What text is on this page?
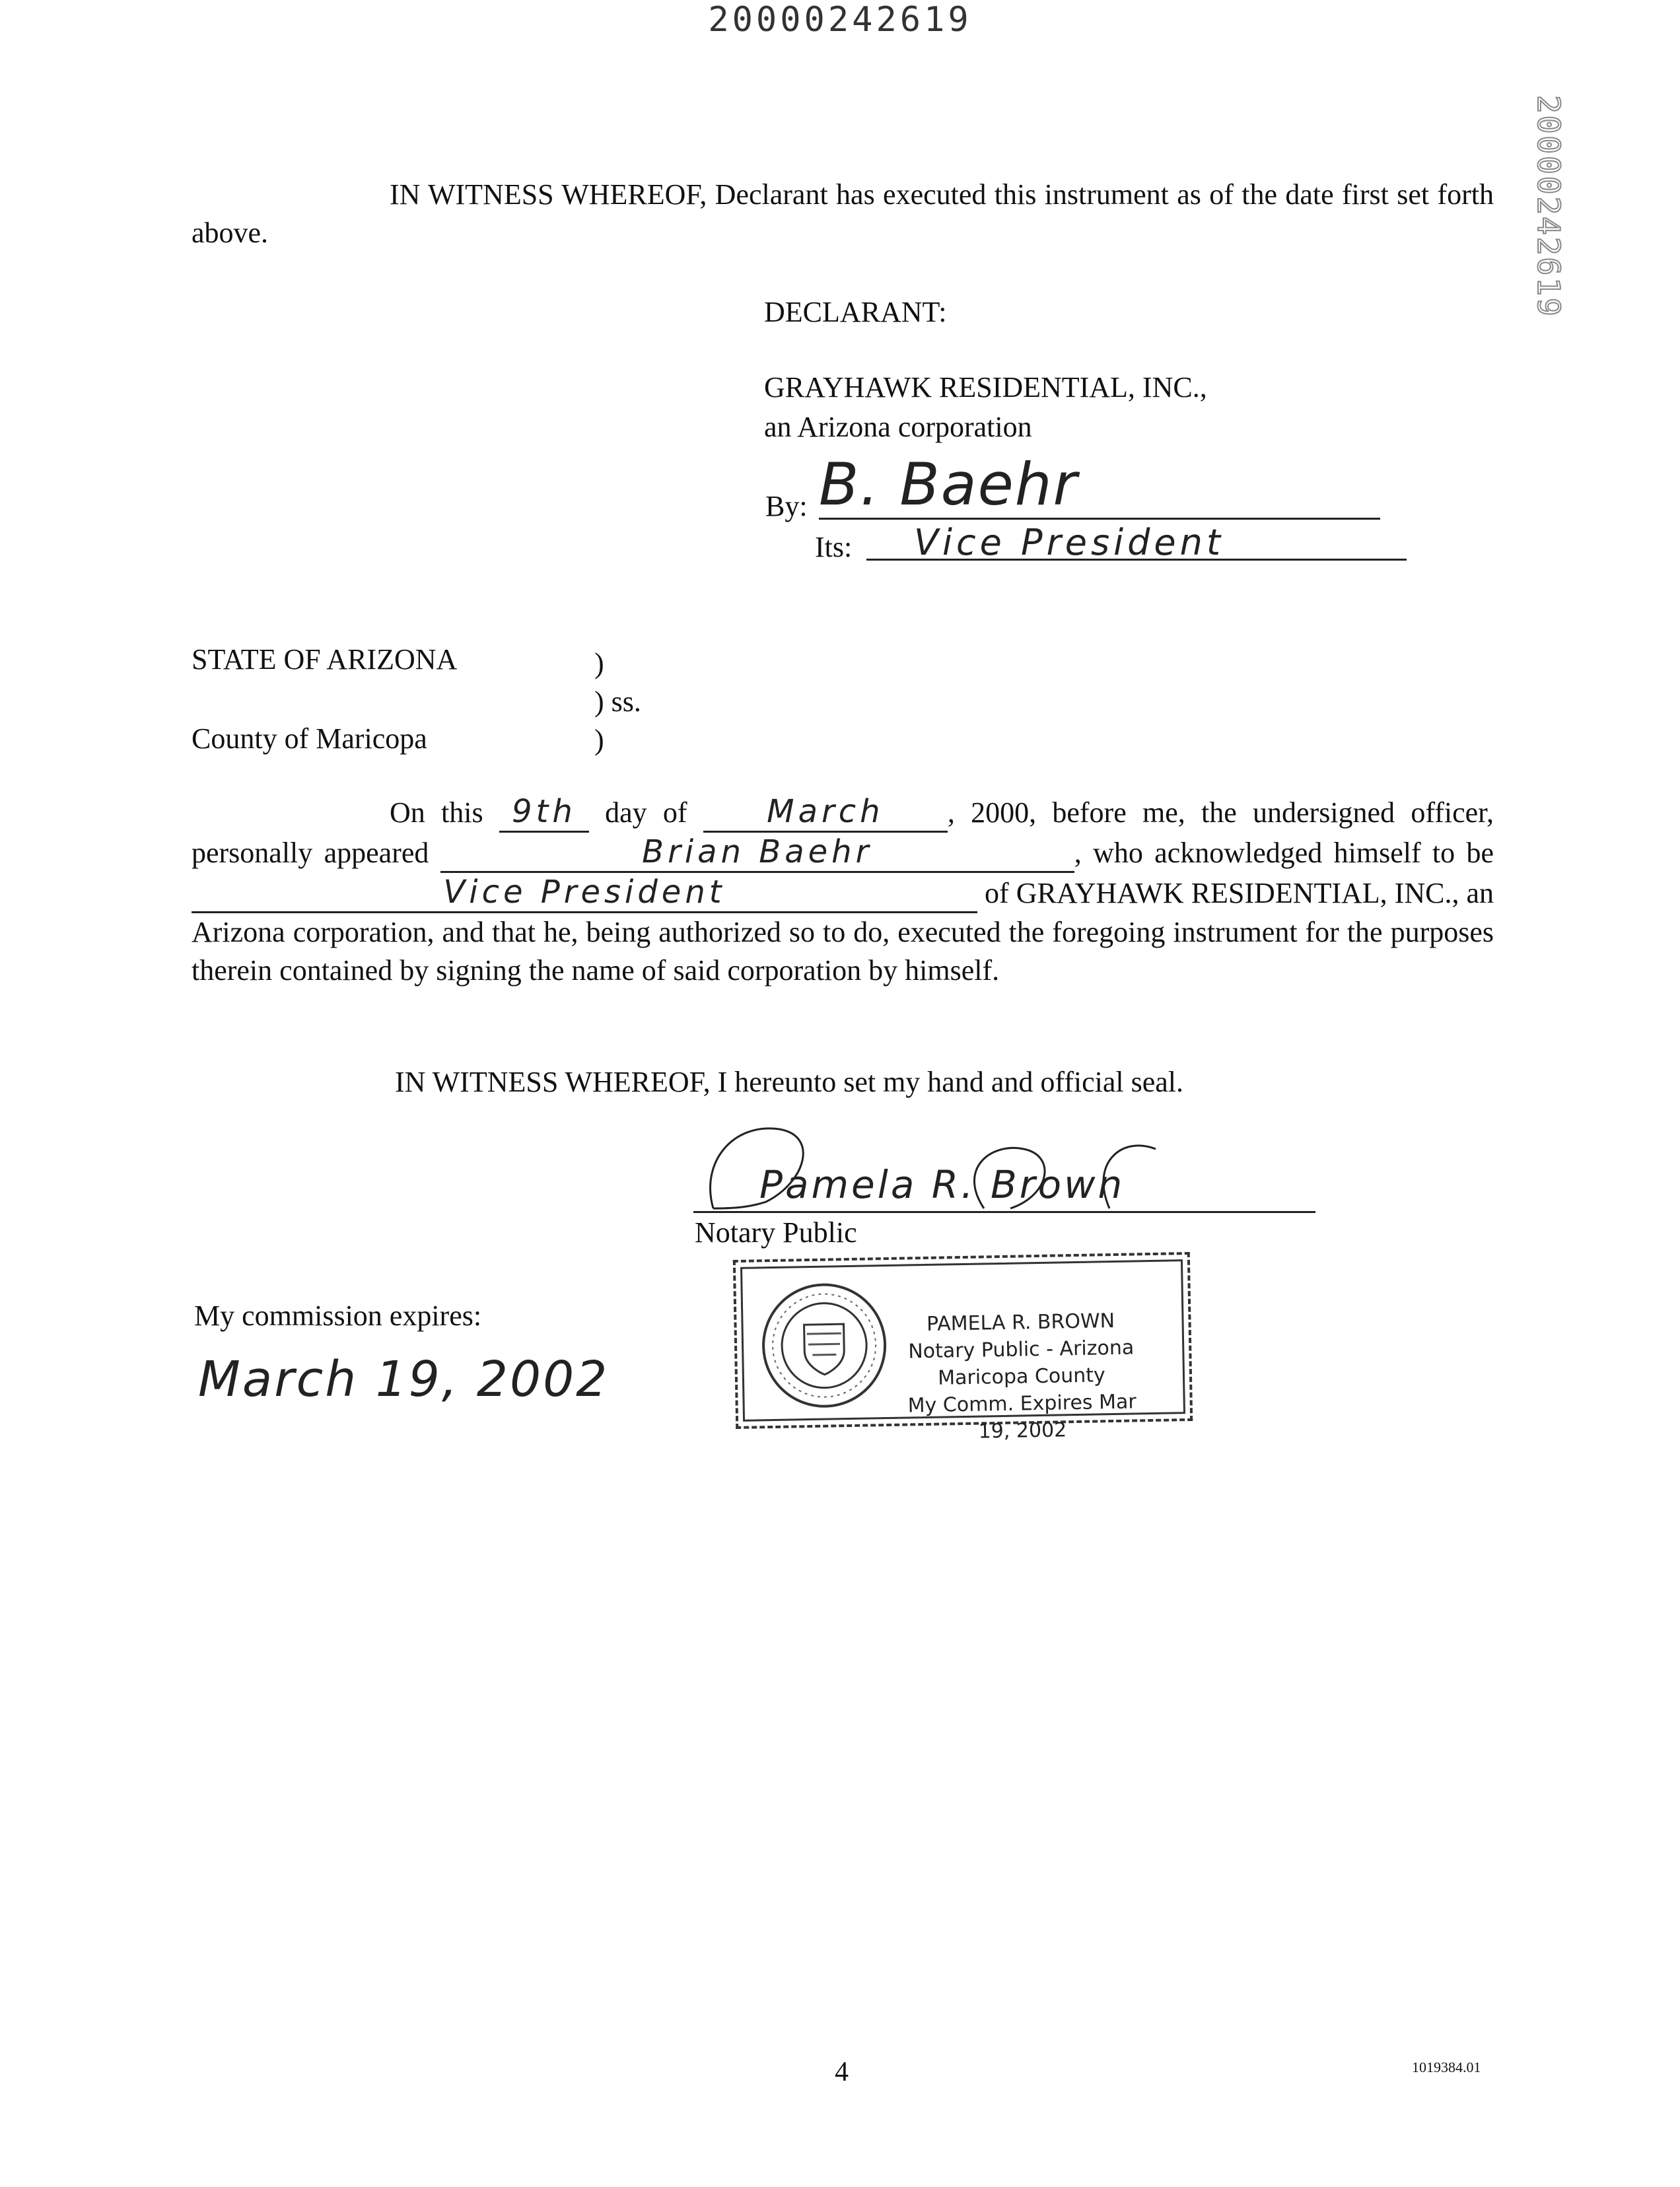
20000242619
20000242619

IN WITNESS WHEREOF, Declarant has executed this instrument as of the date first set forth above.

DECLARANT:
GRAYHAWK RESIDENTIAL, INC.,
an Arizona corporation
By: B. Baehr
Its: Vice President
STATE OF ARIZONA	)
) ss.
County of Maricopa	)

On this 9th day of	March , 2000, before me, the undersigned officer, personally appeared	Brian Baehr	, who acknowledged himself to be Vice President	of GRAYHAWK RESIDENTIAL, INC., an Arizona corporation, and that he, being authorized so to do, executed the foregoing instrument for the purposes therein contained by signing the name of said corporation by himself.

IN WITNESS WHEREOF, I hereunto set my hand and official seal.
Pamela R. Brown
Notary Public
My commission expires:
March 19, 2002
PAMELA R. BROWN
Notary Public - Arizona
Maricopa County
My Comm. Expires Mar 19, 2002
4	1019384.01
